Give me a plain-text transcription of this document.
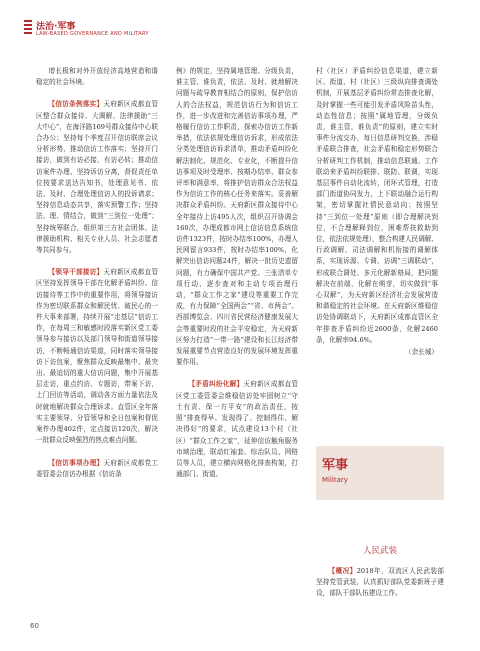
法治·军事
LAW-BASED GOVERNANCE AND MILITARY

增长极和对外开放经济高地营造和谐稳定的社会环境。

【信访条例落实】天府新区成都直管区整合群众接待、大调解、法律援助“三大中心”，在海洋路169号群众接待中心联合办公；坚持每个季度召开信访联席会议分析形势、推动信访工作落实；坚持开门接访，做到有访必接，有访必转；推动信访案件办理、坚持诉访分离，督促责任单位按要求送达告知书，处理意见书、依法、及时、合理处理信访人的投诉请求；坚持信息动态共享，落实预警工作；坚持法、理、情结合，做到“三到位一处理”；坚持统筹联合，组织第三方社会团体、法律援助机构、相关专业人员、社会志愿者等共同参与。

【领导干部接访】天府新区成都直管区坚持发挥领导干部在化解矛盾纠纷、信访接待等工作中的重要作用，将领导接访作为密切联系群众和解民忧、破民心的一件大事来部署，持续开展“走基层”信访工作，在每周三和敏感时段落实新区党工委领导参与接访以及部门领导和街道领导接访，不断畅通信访渠道，同时落实领导接访下访包案，聚焦群众反映最集中、最突出、最迫切的重大信访问题，集中开展基层走访，重点约访、专题访，带案下访，上门回访等活动，调动各方面力量依法及时就地解决群众合理诉求。直管区全年落实主要领导、分管领导和全日包案和督促案件办理402件，定点接访120次，解决一批群众反映强烈的热点难点问题。

【信访事项办理】天府新区成都党工委管委会信访办根据《信访条

例》的规定，坚持属地管理、分级负责，谁主管、谁负责，依法、及时、就地解决问题与疏导教育相结合的原则，保护信访人的合法权益，规范信访行为和信访工作，进一步改进和完善信访事项办理，严格履行信访工作职责，探索办信访工作新举措，依法依规处理信访诉求，形成依法分类处理信访诉求清单，推动矛盾纠纷化解法制化、规范化、专业化，不断提升信访事项及时受理率、按期办结率、群众参评率和满意率，将推护信访群众合法权益作为信访工作的核心任务来落实。妥善解决群众矛盾纠纷。天府新区群众接待中心全年接待上访495人次，组织召开协调会160次，办理成都市网上信访信息系统信访件1323件，按时办结率100%，办理人民网留言933件，按时办结率100%，化解突出信访问题24件，解决一批历史遗留问题，有力确保中国共产党、三张清单专项行动、逐步查对和主动专项治理行动，“群众工作之家”建设等重要工作完成，有力保障“全国两会”“省、市两会”、西部博览会、四川省民营经济健康发展大会等重要时段的社会平安稳定，为天府新区努力打造“一带一路”建设和长江经济带发展重要节点营造良好的发展环境发挥重要作用。

【矛盾纠纷化解】天府新区成都直管区党工委管委会维稳信访处牢固树立“守土有责、保一方平安”的政治责任，按照“排查得早、发现得了、控制得住、解决得好”的要求，试点建设13个村（社区）“群众工作之家”，延伸信访触角服务市域治理，联动红袖套、综治队员、网格员等人员，建立横向网格化排查构架，打通部门、街道、

村（社区）矛盾纠纷信息渠道，建立新区、街道、村（社区）三级纵向排查调处机制，开展基层矛盾纠纷常态排查化解，及时掌握一些可能引发矛盾风险苗头性，动态性信息；按照“属地管理，分级负责，谁主管，谁负责”的原则，建立实时事件分流交办，每日信息研判交换，涉稳矛盾联合排查，社会矛盾和稳定形势联合分析研判工作机制，推动信息联通、工作联动来矛盾纠纷联排、联防、联调，实现基层事件自动化流转，闭环式管理，打造部门街道协同发力，上下联动融合运行构架，密切掌握社情民意动向；按照坚持“三到位一处理”原则（即合理解决到位，不合理解释到位，困难帮扶救助到位，依法依规处理），整合构建人民调解、行政调解、司法调解和机衔接的调解体系，实现诉源、专调、访调“三调联动”，形成联合调处、多元化解新格局，把问题解决在前端、化解在萌芽，切实做到“事心双解”，为天府新区经济社会发展营造和谐稳定的社会环境。在天府新区维稳信访处协调联动下，天府新区成都直管区全年排查矛盾纠纷近2600条，化解2460条，化解率94.6%。

（余长城）

军事
Military
人民武装

【概况】2018年，双流区人民武装部坚持党管武装，认真抓好部队党委新班子建设，部队干部队伍建设工作。

60
